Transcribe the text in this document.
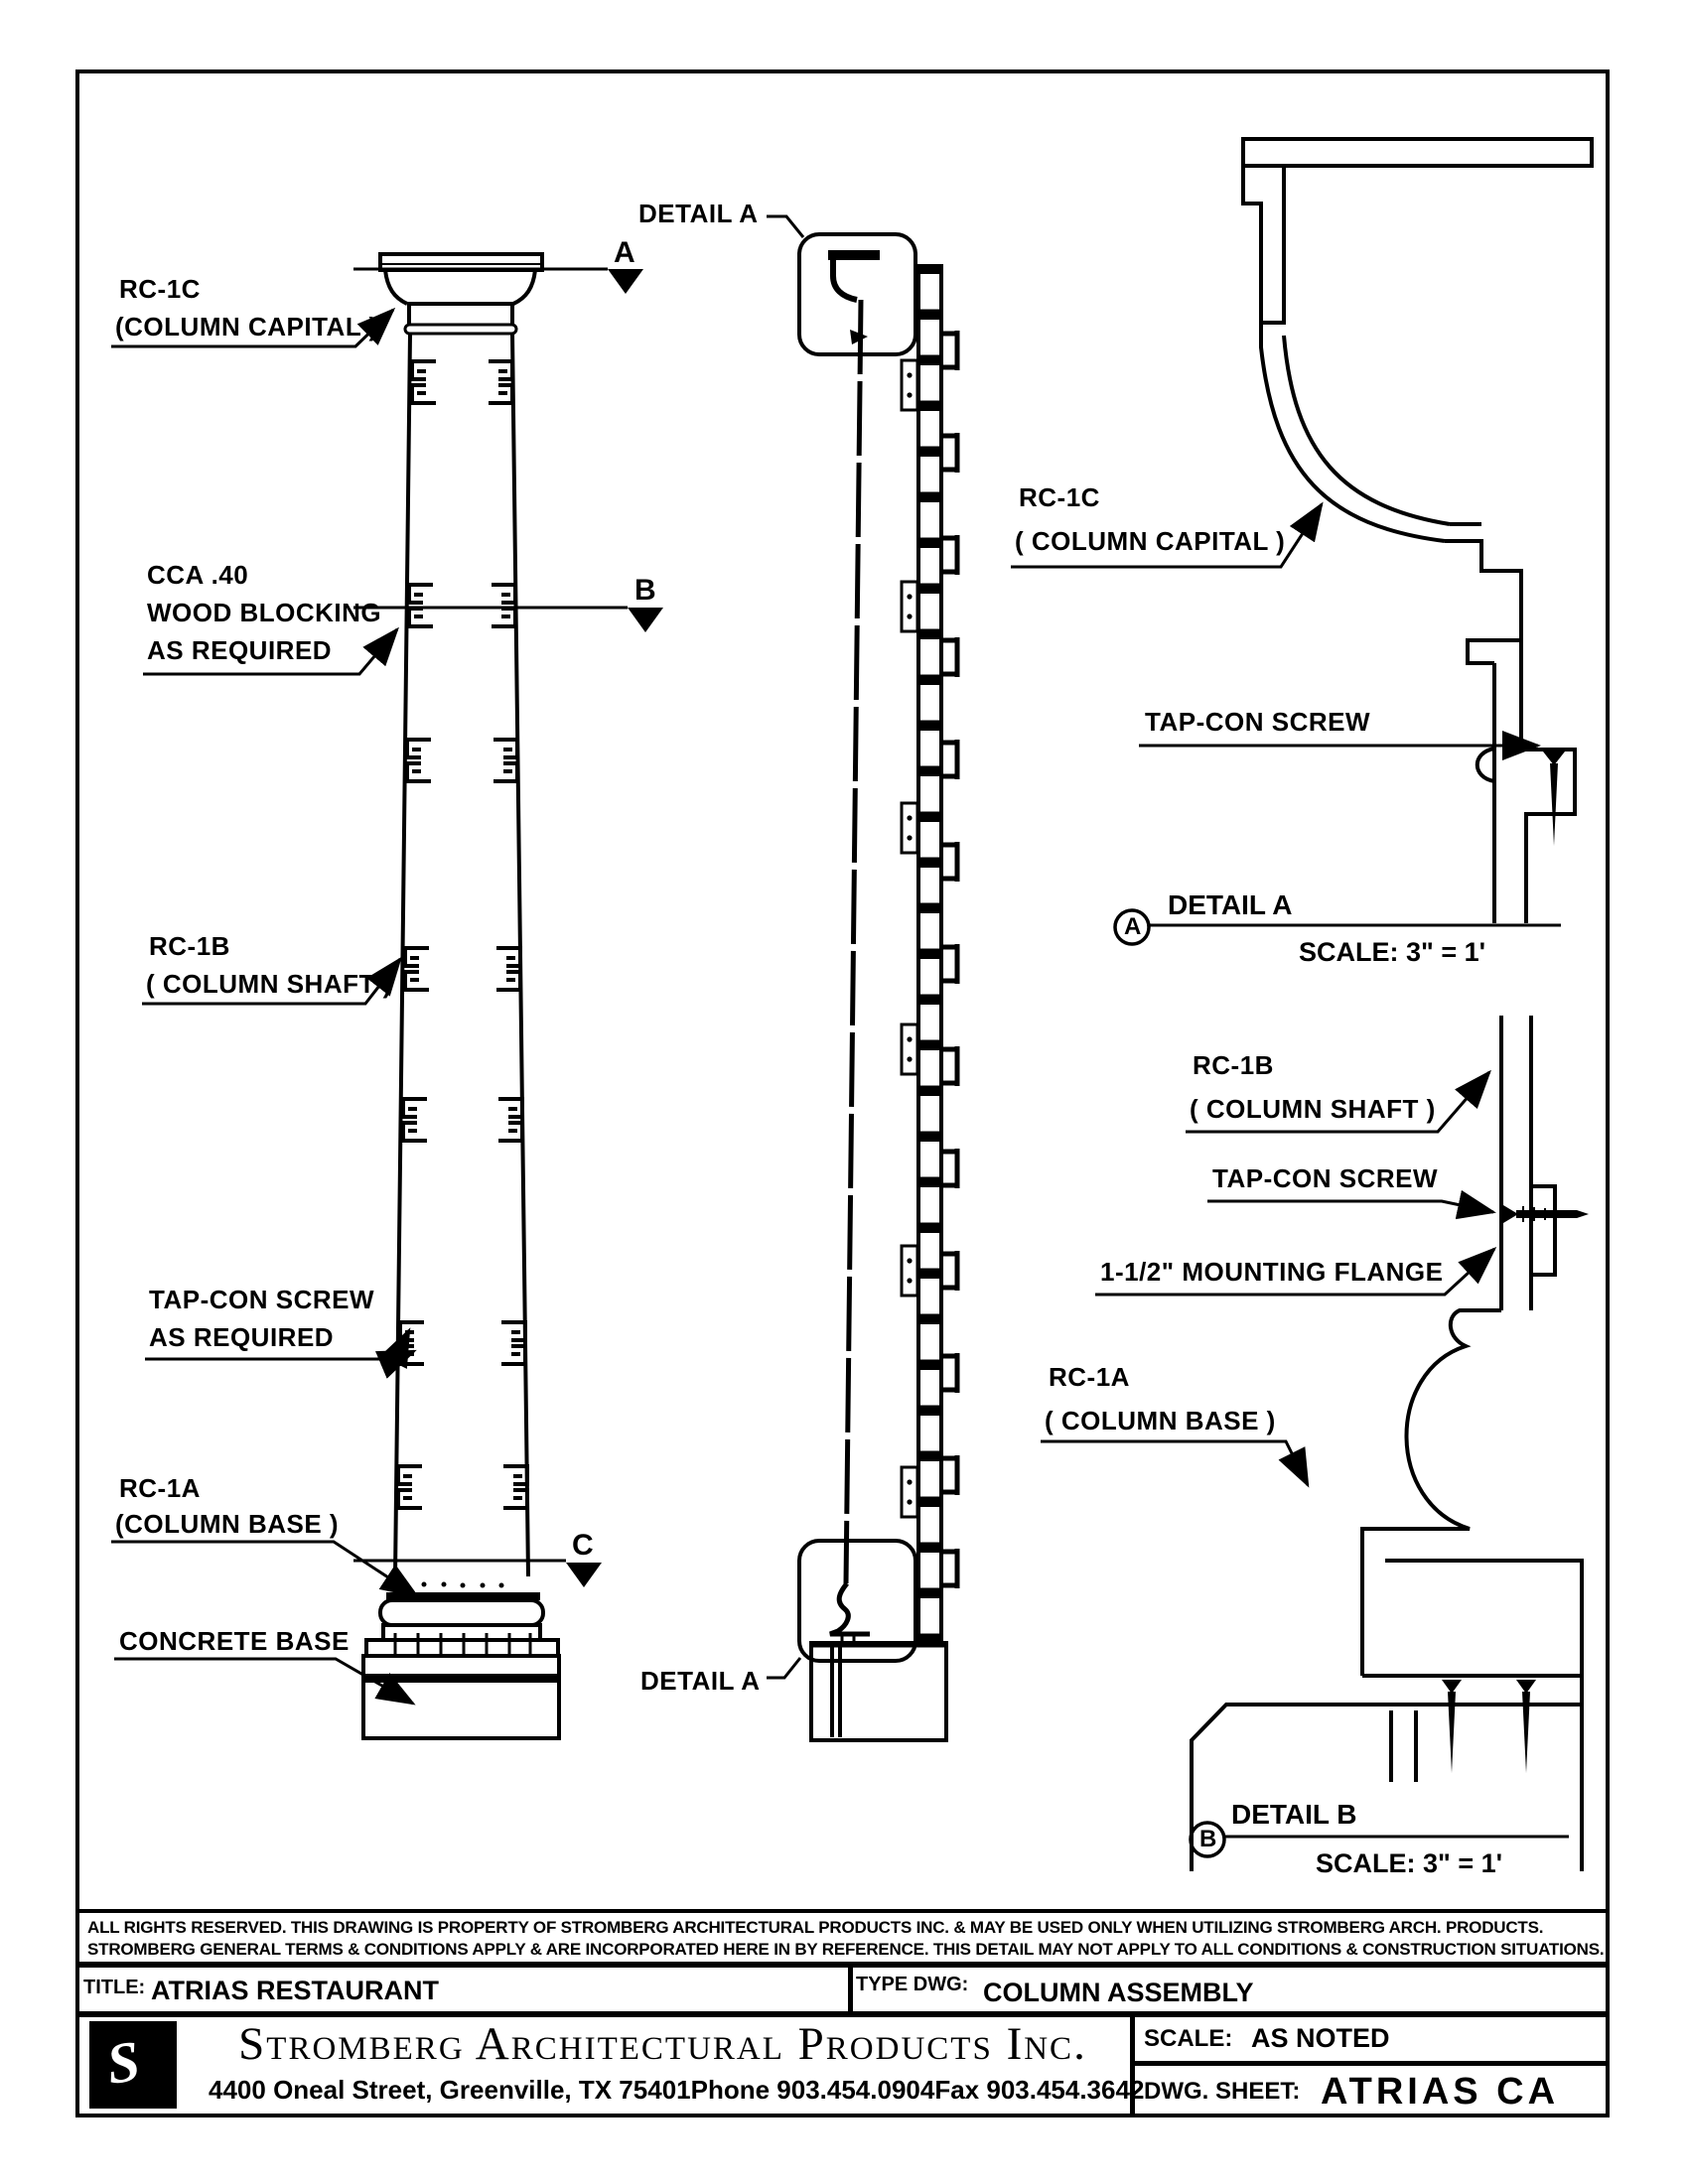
RC-1C
(COLUMN CAPITAL )
CCA .40
WOOD BLOCKING
AS REQUIRED
RC-1B
( COLUMN SHAFT )
TAP-CON SCREW
AS REQUIRED
RC-1A
(COLUMN BASE )
CONCRETE BASE
DETAIL A
DETAIL A
A
B
C
RC-1C
( COLUMN CAPITAL )
TAP-CON SCREW
A
DETAIL A
SCALE: 3" = 1'
RC-1B
( COLUMN SHAFT )
TAP-CON SCREW
1-1/2" MOUNTING FLANGE
RC-1A
( COLUMN BASE )
B
DETAIL B
SCALE: 3" = 1'
ALL RIGHTS RESERVED. THIS DRAWING IS PROPERTY OF STROMBERG ARCHITECTURAL PRODUCTS INC. & MAY BE USED ONLY WHEN UTILIZING STROMBERG ARCH. PRODUCTS.
STROMBERG GENERAL TERMS & CONDITIONS APPLY & ARE INCORPORATED HERE IN BY REFERENCE. THIS DETAIL MAY NOT APPLY TO ALL CONDITIONS & CONSTRUCTION SITUATIONS.
TITLE: ATRIAS RESTAURANT	TYPE DWG: COLUMN ASSEMBLY
S	Stromberg Architectural Products Inc.
4400 Oneal Street, Greenville, TX 75401 Phone 903.454.0904 Fax 903.454.3642
SCALE: AS NOTED
DWG. SHEET: ATRIAS CA
